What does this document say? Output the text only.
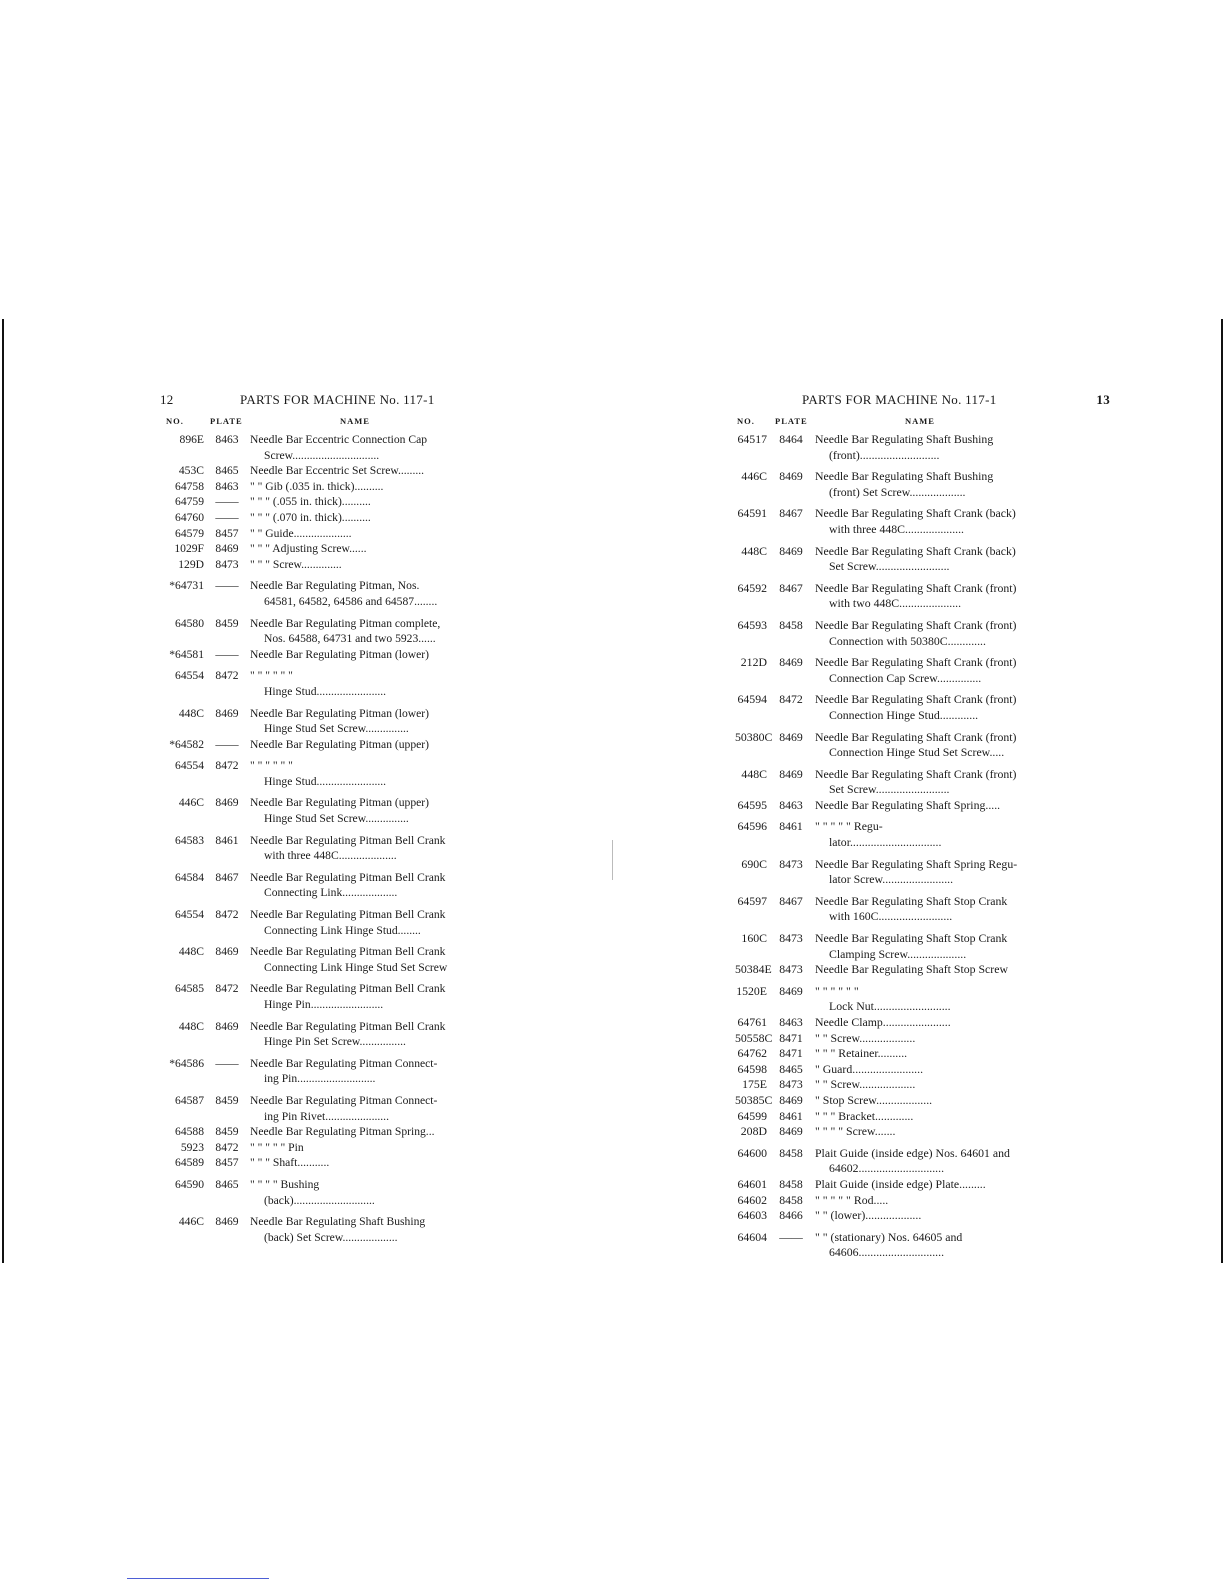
12	PARTS FOR MACHINE No. 117-1
NO.	PLATE	NAME
896E 8463 Needle Bar Eccentric Connection Cap
Screw..............................
453C 8465 Needle Bar Eccentric Set Screw.........
64758 8463 " " Gib (.035 in. thick)..........
64759 —— " " " (.055 in. thick)..........
64760 —— " " " (.070 in. thick)..........
64579 8457 " " Guide....................
1029F 8469 " " " Adjusting Screw......
129D 8473 " " " Screw..............
*64731 —— Needle Bar Regulating Pitman, Nos.
64581, 64582, 64586 and 64587........
64580 8459 Needle Bar Regulating Pitman complete,
Nos. 64588, 64731 and two 5923......
*64581 —— Needle Bar Regulating Pitman (lower)
64554 8472 " " " " " "
Hinge Stud........................
448C 8469 Needle Bar Regulating Pitman (lower)
Hinge Stud Set Screw...............
*64582 —— Needle Bar Regulating Pitman (upper)
64554 8472 " " " " " "
Hinge Stud........................
446C 8469 Needle Bar Regulating Pitman (upper)
Hinge Stud Set Screw...............
64583 8461 Needle Bar Regulating Pitman Bell Crank
with three 448C....................
64584 8467 Needle Bar Regulating Pitman Bell Crank
Connecting Link...................
64554 8472 Needle Bar Regulating Pitman Bell Crank
Connecting Link Hinge Stud........
448C 8469 Needle Bar Regulating Pitman Bell Crank
Connecting Link Hinge Stud Set Screw
64585 8472 Needle Bar Regulating Pitman Bell Crank
Hinge Pin.........................
448C 8469 Needle Bar Regulating Pitman Bell Crank
Hinge Pin Set Screw................
*64586 —— Needle Bar Regulating Pitman Connect-
ing Pin...........................
64587 8459 Needle Bar Regulating Pitman Connect-
ing Pin Rivet......................
64588 8459 Needle Bar Regulating Pitman Spring...
5923 8472 " " " " " Pin
64589 8457 " " " Shaft...........
64590 8465 " " " " Bushing
(back)............................
446C 8469 Needle Bar Regulating Shaft Bushing
(back) Set Screw...................
PARTS FOR MACHINE No. 117-1	13
NO. PLATE	NAME
64517	8464	Needle Bar Regulating Shaft Bushing
(front)...........................
446C	8469	Needle Bar Regulating Shaft Bushing
(front) Set Screw...................
64591	8467	Needle Bar Regulating Shaft Crank (back)
with three 448C....................
448C	8469	Needle Bar Regulating Shaft Crank (back)
Set Screw.........................
64592	8467	Needle Bar Regulating Shaft Crank (front)
with two 448C.....................
64593	8458	Needle Bar Regulating Shaft Crank (front)
Connection with 50380C.............
212D	8469	Needle Bar Regulating Shaft Crank (front)
Connection Cap Screw...............
64594	8472	Needle Bar Regulating Shaft Crank (front)
Connection Hinge Stud.............
50380C 8469	Needle Bar Regulating Shaft Crank (front)
Connection Hinge Stud Set Screw.....
448C	8469	Needle Bar Regulating Shaft Crank (front)
Set Screw.........................
64595	8463	Needle Bar Regulating Shaft Spring.....
64596	8461	" " " " " Regu-
lator...............................
690C	8473	Needle Bar Regulating Shaft Spring Regu-
lator Screw........................
64597	8467	Needle Bar Regulating Shaft Stop Crank
with 160C.........................
160C	8473	Needle Bar Regulating Shaft Stop Crank
Clamping Screw....................
50384E 8473	Needle Bar Regulating Shaft Stop Screw
1520E	8469	" " " " " "
Lock Nut..........................
64761	8463	Needle Clamp.......................
50558C 8471	" " Screw...................
64762	8471	" " " Retainer..........
64598	8465	" Guard........................
175E	8473	" " Screw...................
50385C 8469	" Stop Screw...................
64599	8461	" " " Bracket.............
208D	8469	" " " " Screw.......
64600	8458	Plait Guide (inside edge) Nos. 64601 and
64602.............................
64601	8458	Plait Guide (inside edge) Plate.........
64602	8458	" " " " " Rod.....
64603	8466	" " (lower)...................
64604	——	" " (stationary) Nos. 64605 and
64606.............................
